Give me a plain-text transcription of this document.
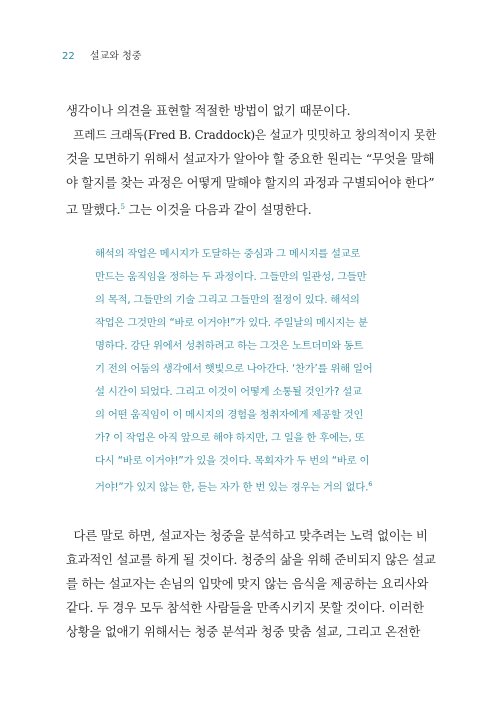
22 설교와 청중
생각이나 의견을 표현할 적절한 방법이 없기 때문이다.
프레드 크래독(Fred B. Craddock)은 설교가 밋밋하고 창의적이지 못한
것을 모면하기 위해서 설교자가 알아야 할 중요한 원리는 “무엇을 말해
야 할지를 찾는 과정은 어떻게 말해야 할지의 과정과 구별되어야 한다”
고 말했다.$^5$ 그는 이것을 다음과 같이 설명한다.
해석의 작업은 메시지가 도달하는 중심과 그 메시지를 설교로
만드는 움직임을 정하는 두 과정이다. 그들만의 일관성, 그들만
의 목적, 그들만의 기술 그리고 그들만의 절정이 있다. 해석의
작업은 그것만의 “바로 이거야!”가 있다. 주일날의 메시지는 분
명하다. 강단 위에서 성취하려고 하는 그것은 노트더미와 동트
기 전의 어둠의 생각에서 햇빛으로 나아간다. ‘찬가’를 위해 일어
설 시간이 되었다. 그리고 이것이 어떻게 소통될 것인가? 설교
의 어떤 움직임이 이 메시지의 경험을 청취자에게 제공할 것인
가? 이 작업은 아직 앞으로 해야 하지만, 그 일을 한 후에는, 또
다시 “바로 이거야!”가 있을 것이다. 목회자가 두 번의 “바로 이
거야!”가 있지 않는 한, 듣는 자가 한 번 있는 경우는 거의 없다.$^6$
다른 말로 하면, 설교자는 청중을 분석하고 맞추려는 노력 없이는 비
효과적인 설교를 하게 될 것이다. 청중의 삶을 위해 준비되지 않은 설교
를 하는 설교자는 손님의 입맛에 맞지 않는 음식을 제공하는 요리사와
같다. 두 경우 모두 참석한 사람들을 만족시키지 못할 것이다. 이러한
상황을 없애기 위해서는 청중 분석과 청중 맞춤 설교, 그리고 온전한
